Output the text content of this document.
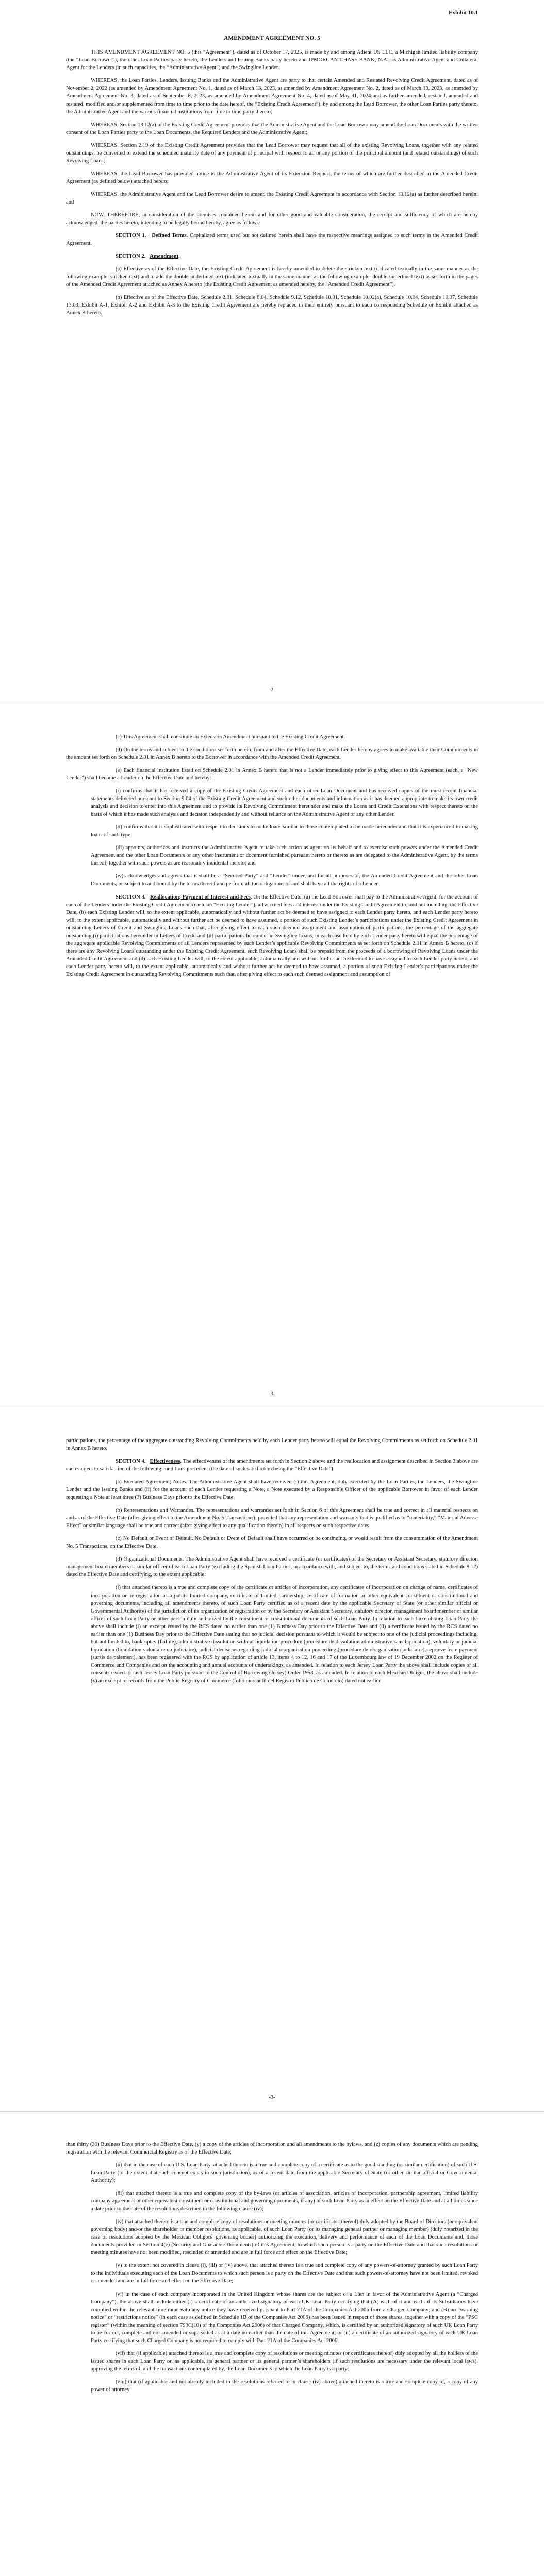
Exhibit 10.1
AMENDMENT AGREEMENT NO. 5

THIS AMENDMENT AGREEMENT NO. 5 (this “Agreement”), dated as of October 17, 2025, is made by and among Adient US LLC, a Michigan limited liability company (the “Lead Borrower”), the other Loan Parties party hereto, the Lenders and Issuing Banks party hereto and JPMORGAN CHASE BANK, N.A., as Administrative Agent and Collateral Agent for the Lenders (in such capacities, the “Administrative Agent”) and the Swingline Lender.

WHEREAS, the Loan Parties, Lenders, Issuing Banks and the Administrative Agent are party to that certain Amended and Restated Revolving Credit Agreement, dated as of November 2, 2022 (as amended by Amendment Agreement No. 1, dated as of March 13, 2023, as amended by Amendment Agreement No. 2, dated as of March 13, 2023, as amended by Amendment Agreement No. 3, dated as of September 8, 2023, as amended by Amendment Agreement No. 4, dated as of May 31, 2024 and as further amended, restated, amended and restated, modified and/or supplemented from time to time prior to the date hereof, the “Existing Credit Agreement”), by and among the Lead Borrower, the other Loan Parties party thereto, the Administrative Agent and the various financial institutions from time to time party thereto;

WHEREAS, Section 13.12(a) of the Existing Credit Agreement provides that the Administrative Agent and the Lead Borrower may amend the Loan Documents with the written consent of the Loan Parties party to the Loan Documents, the Required Lenders and the Administrative Agent;

WHEREAS, Section 2.19 of the Existing Credit Agreement provides that the Lead Borrower may request that all of the existing Revolving Loans, together with any related outstandings, be converted to extend the scheduled maturity date of any payment of principal with respect to all or any portion of the principal amount (and related outstandings) of such Revolving Loans;

WHEREAS, the Lead Borrower has provided notice to the Administrative Agent of its Extension Request, the terms of which are further described in the Amended Credit Agreement (as defined below) attached hereto;

WHEREAS, the Administrative Agent and the Lead Borrower desire to amend the Existing Credit Agreement in accordance with Section 13.12(a) as further described herein; and

NOW, THEREFORE, in consideration of the premises contained herein and for other good and valuable consideration, the receipt and sufficiency of which are hereby acknowledged, the parties hereto, intending to be legally bound hereby, agree as follows:

SECTION 1. Defined Terms. Capitalized terms used but not defined herein shall have the respective meanings assigned to such terms in the Amended Credit Agreement.

SECTION 2. Amendment.

(a) Effective as of the Effective Date, the Existing Credit Agreement is hereby amended to delete the stricken text (indicated textually in the same manner as the following example: stricken text) and to add the double-underlined text (indicated textually in the same manner as the following example: double-underlined text) as set forth in the pages of the Amended Credit Agreement attached as Annex A hereto (the Existing Credit Agreement as amended hereby, the “Amended Credit Agreement”).

(b) Effective as of the Effective Date, Schedule 2.01, Schedule 8.04, Schedule 9.12, Schedule 10.01, Schedule 10.02(a), Schedule 10.04, Schedule 10.07, Schedule 13.03, Exhibit A-1, Exhibit A-2 and Exhibit A-3 to the Existing Credit Agreement are hereby replaced in their entirety pursuant to each corresponding Schedule or Exhibit attached as Annex B hereto.

-2-

(c) This Agreement shall constitute an Extension Amendment pursuant to the Existing Credit Agreement.

(d) On the terms and subject to the conditions set forth herein, from and after the Effective Date, each Lender hereby agrees to make available their Commitments in the amount set forth on Schedule 2.01 in Annex B hereto to the Borrower in accordance with the Amended Credit Agreement.

(e) Each financial institution listed on Schedule 2.01 in Annex B hereto that is not a Lender immediately prior to giving effect to this Agreement (each, a “New Lender”) shall become a Lender on the Effective Date and hereby:

(i) confirms that it has received a copy of the Existing Credit Agreement and each other Loan Document and has received copies of the most recent financial statements delivered pursuant to Section 9.04 of the Existing Credit Agreement and such other documents and information as it has deemed appropriate to make its own credit analysis and decision to enter into this Agreement and to provide its Revolving Commitment hereunder and make the Loans and Credit Extensions with respect thereto on the basis of which it has made such analysis and decision independently and without reliance on the Administrative Agent or any other Lender.

(ii) confirms that it is sophisticated with respect to decisions to make loans similar to those contemplated to be made hereunder and that it is experienced in making loans of such type;

(iii) appoints, authorizes and instructs the Administrative Agent to take such action as agent on its behalf and to exercise such powers under the Amended Credit Agreement and the other Loan Documents or any other instrument or document furnished pursuant hereto or thereto as are delegated to the Administrative Agent, by the terms thereof, together with such powers as are reasonably incidental thereto; and

(iv) acknowledges and agrees that it shall be a “Secured Party” and “Lender” under, and for all purposes of, the Amended Credit Agreement and the other Loan Documents, be subject to and bound by the terms thereof and perform all the obligations of and shall have all the rights of a Lender.

SECTION 3. Reallocation; Payment of Interest and Fees. On the Effective Date, (a) the Lead Borrower shall pay to the Administrative Agent, for the account of each of the Lenders under the Existing Credit Agreement (each, an “Existing Lender”), all accrued fees and interest under the Existing Credit Agreement to, and not including, the Effective Date, (b) each Existing Lender will, to the extent applicable, automatically and without further act be deemed to have assigned to each Lender party hereto, and each Lender party hereto will, to the extent applicable, automatically and without further act be deemed to have assumed, a portion of such Existing Lender’s participations under the Existing Credit Agreement in outstanding Letters of Credit and Swingline Loans such that, after giving effect to each such deemed assignment and assumption of participations, the percentage of the aggregate outstanding (i) participations hereunder in Letters of Credit and (ii) participations hereunder in Swingline Loans, in each case held by each Lender party hereto will equal the percentage of the aggregate applicable Revolving Commitments of all Lenders represented by such Lender’s applicable Revolving Commitments as set forth on Schedule 2.01 in Annex B hereto, (c) if there are any Revolving Loans outstanding under the Existing Credit Agreement, such Revolving Loans shall be prepaid from the proceeds of a borrowing of Revolving Loans under the Amended Credit Agreement and (d) each Existing Lender will, to the extent applicable, automatically and without further act be deemed to have assigned to each Lender party hereto, and each Lender party hereto will, to the extent applicable, automatically and without further act be deemed to have assumed, a portion of such Existing Lender’s participations under the Existing Credit Agreement in outstanding Revolving Commitments such that, after giving effect to each such deemed assignment and assumption of

-3-

participations, the percentage of the aggregate outstanding Revolving Commitments held by each Lender party hereto will equal the Revolving Commitments as set forth on Schedule 2.01 in Annex B hereto.

SECTION 4. Effectiveness. The effectiveness of the amendments set forth in Section 2 above and the reallocation and assignment described in Section 3 above are each subject to satisfaction of the following conditions precedent (the date of such satisfaction being the “Effective Date”):

(a) Executed Agreement; Notes. The Administrative Agent shall have received (i) this Agreement, duly executed by the Loan Parties, the Lenders, the Swingline Lender and the Issuing Banks and (ii) for the account of each Lender requesting a Note, a Note executed by a Responsible Officer of the applicable Borrower in favor of each Lender requesting a Note at least three (3) Business Days prior to the Effective Date.

(b) Representations and Warranties. The representations and warranties set forth in Section 6 of this Agreement shall be true and correct in all material respects on and as of the Effective Date (after giving effect to the Amendment No. 5 Transactions); provided that any representation and warranty that is qualified as to “materiality,” “Material Adverse Effect” or similar language shall be true and correct (after giving effect to any qualification therein) in all respects on such respective dates.

(c) No Default or Event of Default. No Default or Event of Default shall have occurred or be continuing, or would result from the consummation of the Amendment No. 5 Transactions, on the Effective Date.

(d) Organizational Documents. The Administrative Agent shall have received a certificate (or certificates) of the Secretary or Assistant Secretary, statutory director, management board members or similar officer of each Loan Party (excluding the Spanish Loan Parties, in accordance with, and subject to, the terms and conditions stated in Schedule 9.12) dated the Effective Date and certifying, to the extent applicable:

(i) that attached thereto is a true and complete copy of the certificate or articles of incorporation, any certificates of incorporation on change of name, certificates of incorporation on re-registration as a public limited company, certificate of limited partnership, certificate of formation or other equivalent constituent or constitutional and governing documents, including all amendments thereto, of such Loan Party certified as of a recent date by the applicable Secretary of State (or other similar official or Governmental Authority) of the jurisdiction of its organization or registration or by the Secretary or Assistant Secretary, statutory director, management board member or similar officer of such Loan Party or other person duly authorized by the constituent or constitutional documents of such Loan Party. In relation to each Luxembourg Loan Party the above shall include (i) an excerpt issued by the RCS dated no earlier than one (1) Business Day prior to the Effective Date and (ii) a certificate issued by the RCS dated no earlier than one (1) Business Day prior to the Effective Date stating that no judicial decision pursuant to which it would be subject to one of the judicial proceedings including, but not limited to, bankruptcy (faillite), administrative dissolution without liquidation procedure (procédure de dissolution administrative sans liquidation), voluntary or judicial liquidation (liquidation volontaire ou judiciaire), judicial decisions regarding judicial reorganisation proceeding (procédure de réorganisation judiciaire), reprieve from payment (sursis de paiement), has been registered with the RCS by application of article 13, items 4 to 12, 16 and 17 of the Luxembourg law of 19 December 2002 on the Register of Commerce and Companies and on the accounting and annual accounts of undertakings, as amended. In relation to each Jersey Loan Party the above shall include copies of all consents issued to such Jersey Loan Party pursuant to the Control of Borrowing (Jersey) Order 1958, as amended. In relation to each Mexican Obligor, the above shall include (x) an excerpt of records from the Public Registry of Commerce (folio mercantil del Registro Público de Comercio) dated not earlier

-3-

than thirty (30) Business Days prior to the Effective Date, (y) a copy of the articles of incorporation and all amendments to the bylaws, and (z) copies of any documents which are pending registration with the relevant Commercial Registry as of the Effective Date;

(ii) that in the case of each U.S. Loan Party, attached thereto is a true and complete copy of a certificate as to the good standing (or similar certification) of such U.S. Loan Party (to the extent that such concept exists in such jurisdiction), as of a recent date from the applicable Secretary of State (or other similar official or Governmental Authority);

(iii) that attached thereto is a true and complete copy of the by-laws (or articles of association, articles of incorporation, partnership agreement, limited liability company agreement or other equivalent constituent or constitutional and governing documents, if any) of such Loan Party as in effect on the Effective Date and at all times since a date prior to the date of the resolutions described in the following clause (iv);

(iv) that attached thereto is a true and complete copy of resolutions or meeting minutes (or certificates thereof) duly adopted by the Board of Directors (or equivalent governing body) and/or the shareholder or member resolutions, as applicable, of such Loan Party (or its managing general partner or managing member) (duly notarized in the case of resolutions adopted by the Mexican Obligors’ governing bodies) authorizing the execution, delivery and performance of each of the Loan Documents and, those documents provided in Section 4(e) (Security and Guarantee Documents) of this Agreement, to which such person is a party on the Effective Date and that such resolutions or meeting minutes have not been modified, rescinded or amended and are in full force and effect on the Effective Date;

(v) to the extent not covered in clause (i), (iii) or (iv) above, that attached thereto is a true and complete copy of any powers-of-attorney granted by such Loan Party to the individuals executing each of the Loan Documents to which such person is a party on the Effective Date and that such powers-of-attorney have not been limited, revoked or amended and are in full force and effect on the Effective Date;

(vi) in the case of each company incorporated in the United Kingdom whose shares are the subject of a Lien in favor of the Administrative Agent (a “Charged Company”), the above shall include either (i) a certificate of an authorized signatory of each UK Loan Party certifying that (A) each of it and each of its Subsidiaries have complied within the relevant timeframe with any notice they have received pursuant to Part 21A of the Companies Act 2006 from a Charged Company; and (B) no “warning notice” or “restrictions notice” (in each case as defined in Schedule 1B of the Companies Act 2006) has been issued in respect of those shares, together with a copy of the “PSC register” (within the meaning of section 790C(10) of the Companies Act 2006) of that Charged Company, which, is certified by an authorized signatory of such UK Loan Party to be correct, complete and not amended or superseded as at a date no earlier than the date of this Agreement; or (ii) a certificate of an authorized signatory of each UK Loan Party certifying that such Charged Company is not required to comply with Part 21A of the Companies Act 2006;

(vii) that (if applicable) attached thereto is a true and complete copy of resolutions or meeting minutes (or certificates thereof) duly adopted by all the holders of the issued shares in each Loan Party or, as applicable, its general partner or its general partner’s shareholders (if such resolutions are necessary under the relevant local laws), approving the terms of, and the transactions contemplated by, the Loan Documents to which the Loan Party is a party;

(viii) that (if applicable and not already included in the resolutions referred to in clause (iv) above) attached thereto is a true and complete copy of, a copy of any power of attorney
